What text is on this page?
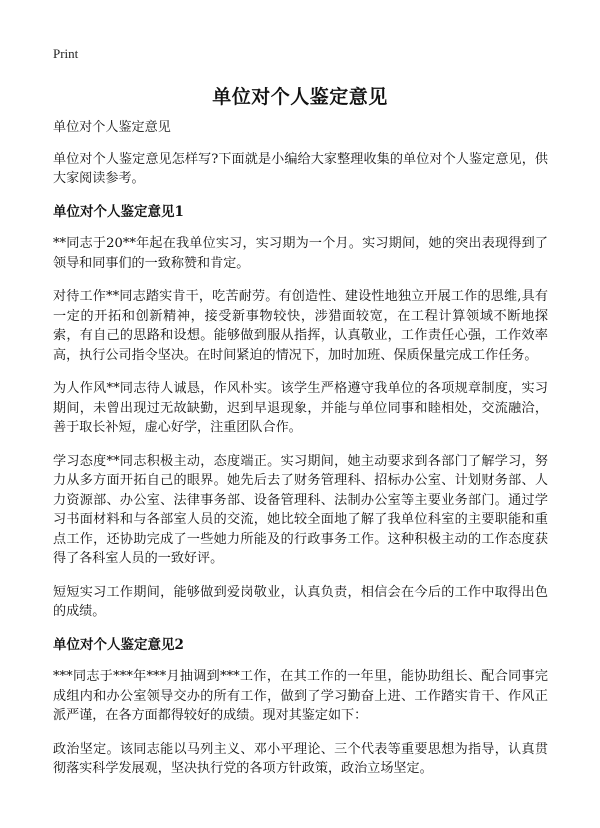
Print
单位对个人鉴定意见

单位对个人鉴定意见

单位对个人鉴定意见怎样写?下面就是小编给大家整理收集的单位对个人鉴定意见，供大家阅读参考。

单位对个人鉴定意见1

**同志于20**年起在我单位实习，实习期为一个月。实习期间，她的突出表现得到了领导和同事们的一致称赞和肯定。

对待工作**同志踏实肯干，吃苦耐劳。有创造性、建设性地独立开展工作的思维,具有一定的开拓和创新精神，接受新事物较快，涉猎面较宽，在工程计算领域不断地探索，有自己的思路和设想。能够做到服从指挥，认真敬业，工作责任心强，工作效率高，执行公司指令坚决。在时间紧迫的情况下，加时加班、保质保量完成工作任务。

为人作风**同志待人诚恳，作风朴实。该学生严格遵守我单位的各项规章制度，实习期间，未曾出现过无故缺勤，迟到早退现象，并能与单位同事和睦相处，交流融洽，善于取长补短，虚心好学，注重团队合作。

学习态度**同志积极主动，态度端正。实习期间，她主动要求到各部门了解学习，努力从多方面开拓自己的眼界。她先后去了财务管理科、招标办公室、计划财务部、人力资源部、办公室、法律事务部、设备管理科、法制办公室等主要业务部门。通过学习书面材料和与各部室人员的交流，她比较全面地了解了我单位科室的主要职能和重点工作，还协助完成了一些她力所能及的行政事务工作。这种积极主动的工作态度获得了各科室人员的一致好评。

短短实习工作期间，能够做到爱岗敬业，认真负责，相信会在今后的工作中取得出色的成绩。

单位对个人鉴定意见2

***同志于***年***月抽调到***工作，在其工作的一年里，能协助组长、配合同事完成组内和办公室领导交办的所有工作，做到了学习勤奋上进、工作踏实肯干、作风正派严谨，在各方面都得较好的成绩。现对其鉴定如下：

政治坚定。该同志能以马列主义、邓小平理论、三个代表等重要思想为指导，认真贯彻落实科学发展观，坚决执行党的各项方针政策，政治立场坚定。
